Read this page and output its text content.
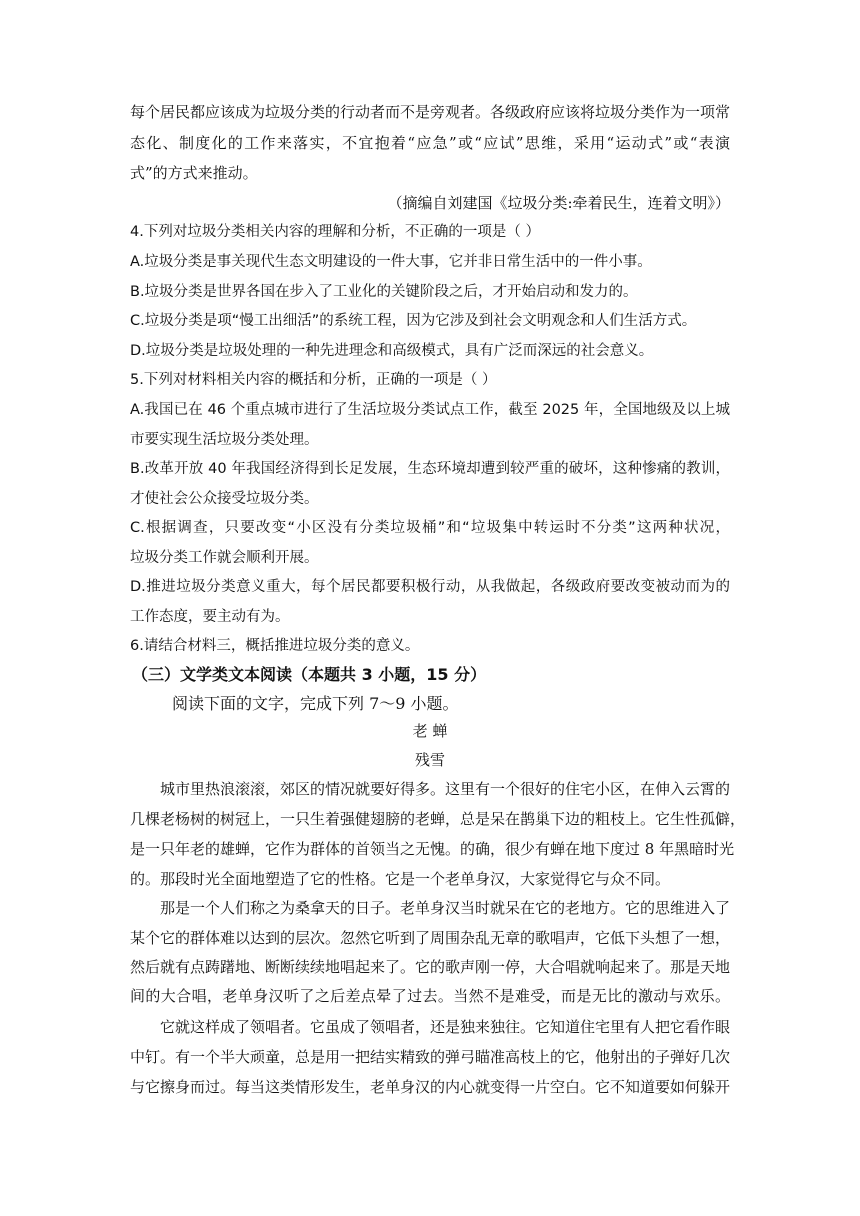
每个居民都应该成为垃圾分类的行动者而不是旁观者。各级政府应该将垃圾分类作为一项常
态化、制度化的工作来落实，不宜抱着“应急”或“应试”思维，采用“运动式”或“表演
式”的方式来推动。
（摘编自刘建国《垃圾分类:牵着民生，连着文明》）
4.下列对垃圾分类相关内容的理解和分析，不正确的一项是（ ）
A.垃圾分类是事关现代生态文明建设的一件大事，它并非日常生活中的一件小事。
B.垃圾分类是世界各国在步入了工业化的关键阶段之后，才开始启动和发力的。
C.垃圾分类是项“慢工出细活”的系统工程，因为它涉及到社会文明观念和人们生活方式。
D.垃圾分类是垃圾处理的一种先进理念和高级模式，具有广泛而深远的社会意义。
5.下列对材料相关内容的概括和分析，正确的一项是（ ）
A.我国已在 46 个重点城市进行了生活垃圾分类试点工作，截至 2025 年，全国地级及以上城
市要实现生活垃圾分类处理。
B.改革开放 40 年我国经济得到长足发展，生态环境却遭到较严重的破坏，这种惨痛的教训，
才使社会公众接受垃圾分类。
C.根据调查，只要改变“小区没有分类垃圾桶”和“垃圾集中转运时不分类”这两种状况，
垃圾分类工作就会顺利开展。
D.推进垃圾分类意义重大，每个居民都要积极行动，从我做起，各级政府要改变被动而为的
工作态度，要主动有为。
6.请结合材料三，概括推进垃圾分类的意义。
（三）文学类文本阅读（本题共 3 小题，15 分）
阅读下面的文字，完成下列 7～9 小题。
老 蝉
残雪
城市里热浪滚滚，郊区的情况就要好得多。这里有一个很好的住宅小区，在伸入云霄的
几棵老杨树的树冠上，一只生着强健翅膀的老蝉，总是呆在鹊巢下边的粗枝上。它生性孤僻，
是一只年老的雄蝉，它作为群体的首领当之无愧。的确，很少有蝉在地下度过 8 年黑暗时光
的。那段时光全面地塑造了它的性格。它是一个老单身汉，大家觉得它与众不同。
那是一个人们称之为桑拿天的日子。老单身汉当时就呆在它的老地方。它的思维进入了
某个它的群体难以达到的层次。忽然它听到了周围杂乱无章的歌唱声，它低下头想了一想，
然后就有点踌躇地、断断续续地唱起来了。它的歌声刚一停，大合唱就响起来了。那是天地
间的大合唱，老单身汉听了之后差点晕了过去。当然不是难受，而是无比的激动与欢乐。
它就这样成了领唱者。它虽成了领唱者，还是独来独往。它知道住宅里有人把它看作眼
中钉。有一个半大顽童，总是用一把结实精致的弹弓瞄准高枝上的它，他射出的子弹好几次
与它擦身而过。每当这类情形发生，老单身汉的内心就变得一片空白。它不知道要如何躲开
